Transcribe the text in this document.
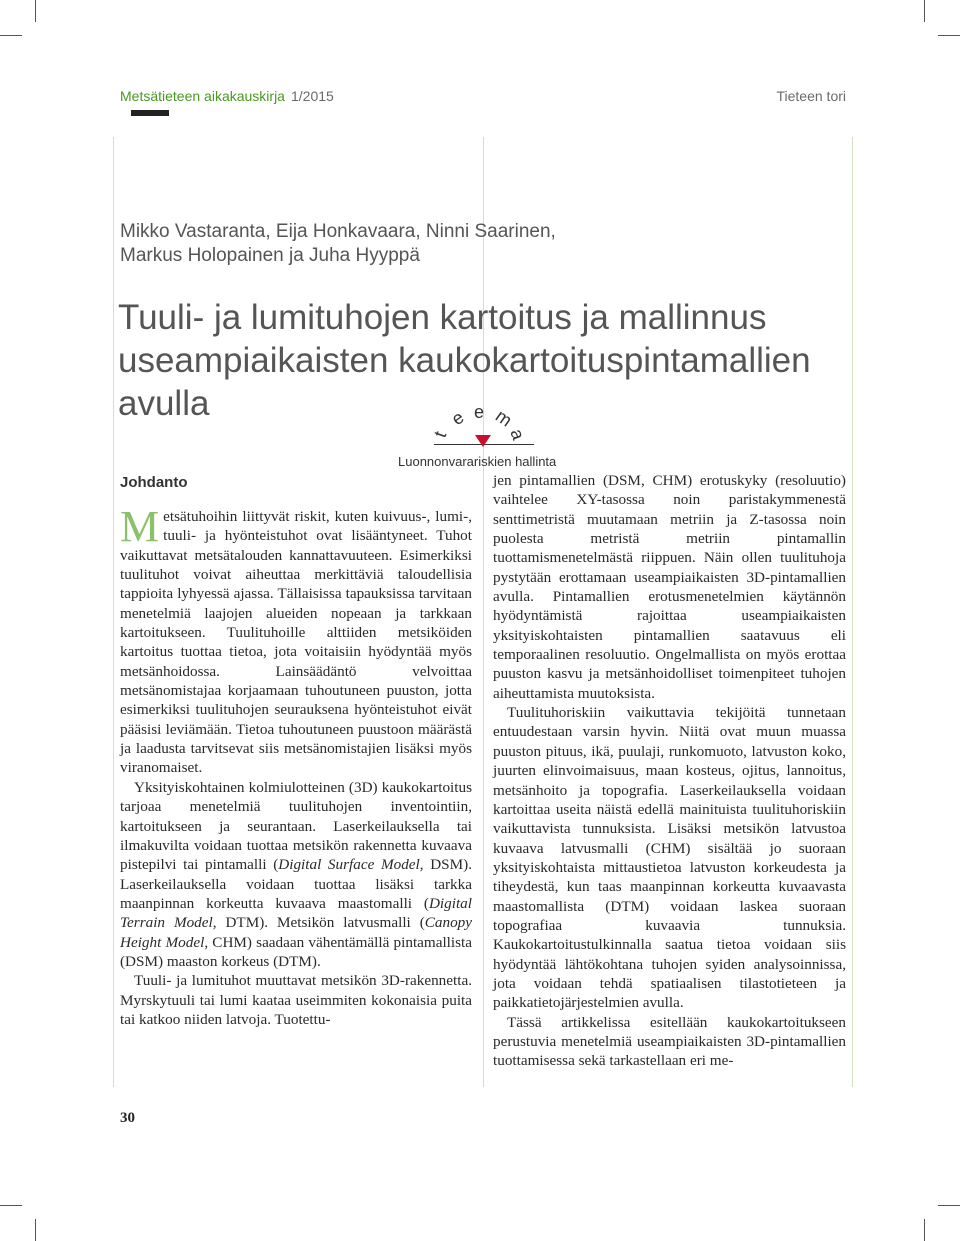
Metsätieteen aikakauskirja 1/2015	Tieteen tori
Mikko Vastaranta, Eija Honkavaara, Ninni Saarinen,
Markus Holopainen ja Juha Hyyppä
Tuuli- ja lumituhojen kartoitus ja mallinnus
useampiaikaisten kaukokartoituspintamallien
avulla
t
e e m
a
Luonnonvarariskien hallinta
Johdanto

Metsätuhoihin liittyvät riskit, kuten kuivuus-, lumi-, tuuli- ja hyönteistuhot ovat lisääntyneet. Tuhot vaikuttavat metsätalouden kannattavuuteen. Esimerkiksi tuulituhot voivat aiheuttaa merkittäviä taloudellisia tappioita lyhyessä ajassa. Tällaisissa tapauksissa tarvitaan menetelmiä laajojen alueiden nopeaan ja tarkkaan kartoitukseen. Tuulituhoille alttiiden metsiköiden kartoitus tuottaa tietoa, jota voitaisiin hyödyntää myös metsänhoidossa. Lainsäädäntö velvoittaa metsänomistajaa korjaamaan tuhoutuneen puuston, jotta esimerkiksi tuulituhojen seurauksena hyönteistuhot eivät pääsisi leviämään. Tietoa tuhoutuneen puustoon määrästä ja laadusta tarvitsevat siis metsänomistajien lisäksi myös viranomaiset.

Yksityiskohtainen kolmiulotteinen (3D) kaukokartoitus tarjoaa menetelmiä tuulituhojen inventointiin, kartoitukseen ja seurantaan. Laserkeilauksella tai ilmakuvilta voidaan tuottaa metsikön rakennetta kuvaava pistepilvi tai pintamalli (Digital Surface Model, DSM). Laserkeilauksella voidaan tuottaa lisäksi tarkka maanpinnan korkeutta kuvaava maastomalli (Digital Terrain Model, DTM). Metsikön latvusmalli (Canopy Height Model, CHM) saadaan vähentämällä pintamallista (DSM) maaston korkeus (DTM).

Tuuli- ja lumituhot muuttavat metsikön 3D-rakennetta. Myrskytuuli tai lumi kaataa useimmiten kokonaisia puita tai katkoo niiden latvoja. Tuotettu-

jen pintamallien (DSM, CHM) erotuskyky (resoluutio) vaihtelee XY-tasossa noin paristakymmenestä senttimetristä muutamaan metriin ja Z-tasossa noin puolesta metristä metriin pintamallin tuottamismenetelmästä riippuen. Näin ollen tuulituhoja pystytään erottamaan useampiaikaisten 3D-pintamallien avulla. Pintamallien erotusmenetelmien käytännön hyödyntämistä rajoittaa useampiaikaisten yksityiskohtaisten pintamallien saatavuus eli temporaalinen resoluutio. Ongelmallista on myös erottaa puuston kasvu ja metsänhoidolliset toimenpiteet tuhojen aiheuttamista muutoksista.

Tuulituhoriskiin vaikuttavia tekijöitä tunnetaan entuudestaan varsin hyvin. Niitä ovat muun muassa puuston pituus, ikä, puulaji, runkomuoto, latvuston koko, juurten elinvoimaisuus, maan kosteus, ojitus, lannoitus, metsänhoito ja topografia. Laserkeilauksella voidaan kartoittaa useita näistä edellä mainituista tuulituhoriskiin vaikuttavista tunnuksista. Lisäksi metsikön latvustoa kuvaava latvusmalli (CHM) sisältää jo suoraan yksityiskohtaista mittaustietoa latvuston korkeudesta ja tiheydestä, kun taas maanpinnan korkeutta kuvaavasta maastomallista (DTM) voidaan laskea suoraan topografiaa kuvaavia tunnuksia. Kaukokartoitustulkinnalla saatua tietoa voidaan siis hyödyntää lähtökohtana tuhojen syiden analysoinnissa, jota voidaan tehdä spatiaalisen tilastotieteen ja paikkatietojärjestelmien avulla.

Tässä artikkelissa esitellään kaukokartoitukseen perustuvia menetelmiä useampiaikaisten 3D-pintamallien tuottamisessa sekä tarkastellaan eri me-

30
